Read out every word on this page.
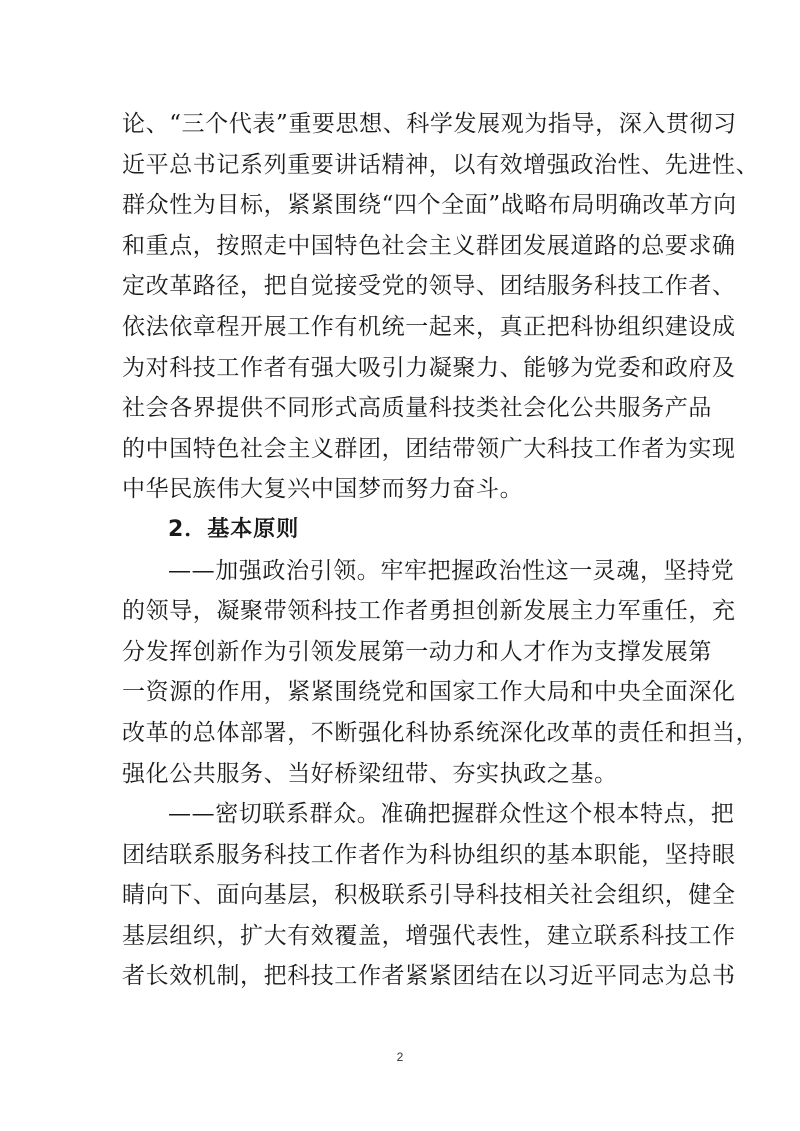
论、“三个代表”重要思想、科学发展观为指导，深入贯彻习
近平总书记系列重要讲话精神，以有效增强政治性、先进性、
群众性为目标，紧紧围绕“四个全面”战略布局明确改革方向
和重点，按照走中国特色社会主义群团发展道路的总要求确
定改革路径，把自觉接受党的领导、团结服务科技工作者、
依法依章程开展工作有机统一起来，真正把科协组织建设成
为对科技工作者有强大吸引力凝聚力、能够为党委和政府及
社会各界提供不同形式高质量科技类社会化公共服务产品
的中国特色社会主义群团，团结带领广大科技工作者为实现
中华民族伟大复兴中国梦而努力奋斗。
2．基本原则
——加强政治引领。牢牢把握政治性这一灵魂，坚持党
的领导，凝聚带领科技工作者勇担创新发展主力军重任，充
分发挥创新作为引领发展第一动力和人才作为支撑发展第
一资源的作用，紧紧围绕党和国家工作大局和中央全面深化
改革的总体部署，不断强化科协系统深化改革的责任和担当，
强化公共服务、当好桥梁纽带、夯实执政之基。
——密切联系群众。准确把握群众性这个根本特点，把
团结联系服务科技工作者作为科协组织的基本职能，坚持眼
睛向下、面向基层，积极联系引导科技相关社会组织，健全
基层组织，扩大有效覆盖，增强代表性，建立联系科技工作
者长效机制，把科技工作者紧紧团结在以习近平同志为总书
2
